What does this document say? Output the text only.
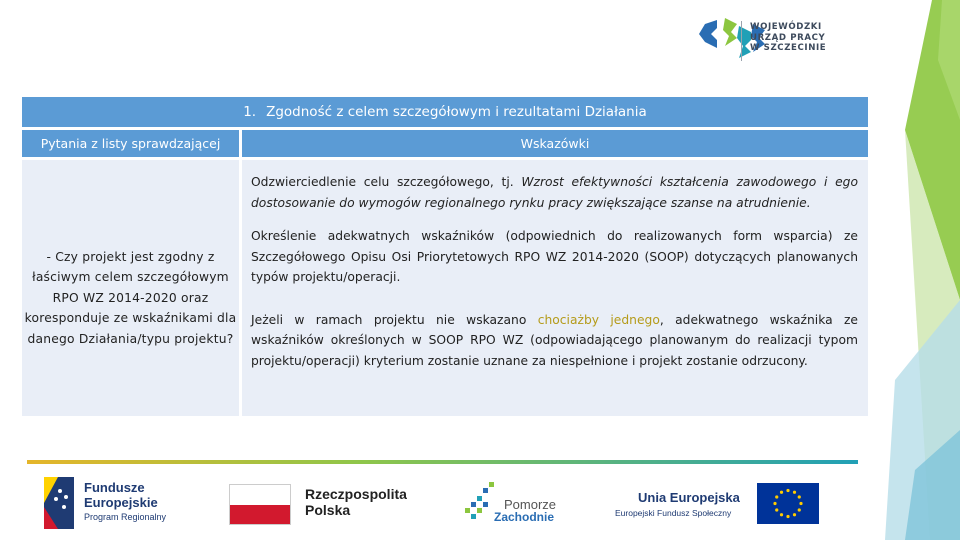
WOJEWÓDZKI
URZĄD PRACY
W SZCZECINIE
1. Zgodność z celem szczegółowym i rezultatami Działania
Pytania z listy sprawdzającej	Wskazówki

- Czy projekt jest zgodny z łaściwym celem szczegółowym RPO WZ 2014-2020 oraz koresponduje ze wskaźnikami dla danego Działania/typu projektu?

Odzwierciedlenie celu szczegółowego, tj. Wzrost efektywności kształcenia zawodowego i ego dostosowanie do wymogów regionalnego rynku pracy zwiększające szanse na atrudnienie.
Określenie adekwatnych wskaźników (odpowiednich do realizowanych form wsparcia) ze Szczegółowego Opisu Osi Priorytetowych RPO WZ 2014-2020 (SOOP) dotyczących planowanych typów projektu/operacji.
Jeżeli w ramach projektu nie wskazano chociażby jednego, adekwatnego wskaźnika ze wskaźników określonych w SOOP RPO WZ (odpowiadającego planowanym do realizacji typom projektu/operacji) kryterium zostanie uznane za niespełnione i projekt zostanie odrzucony.
Fundusze
Europejskie
Program Regionalny
Rzeczpospolita
Polska	Pomorze
Zachodnie
Unia Europejska
Europejski Fundusz Społeczny
